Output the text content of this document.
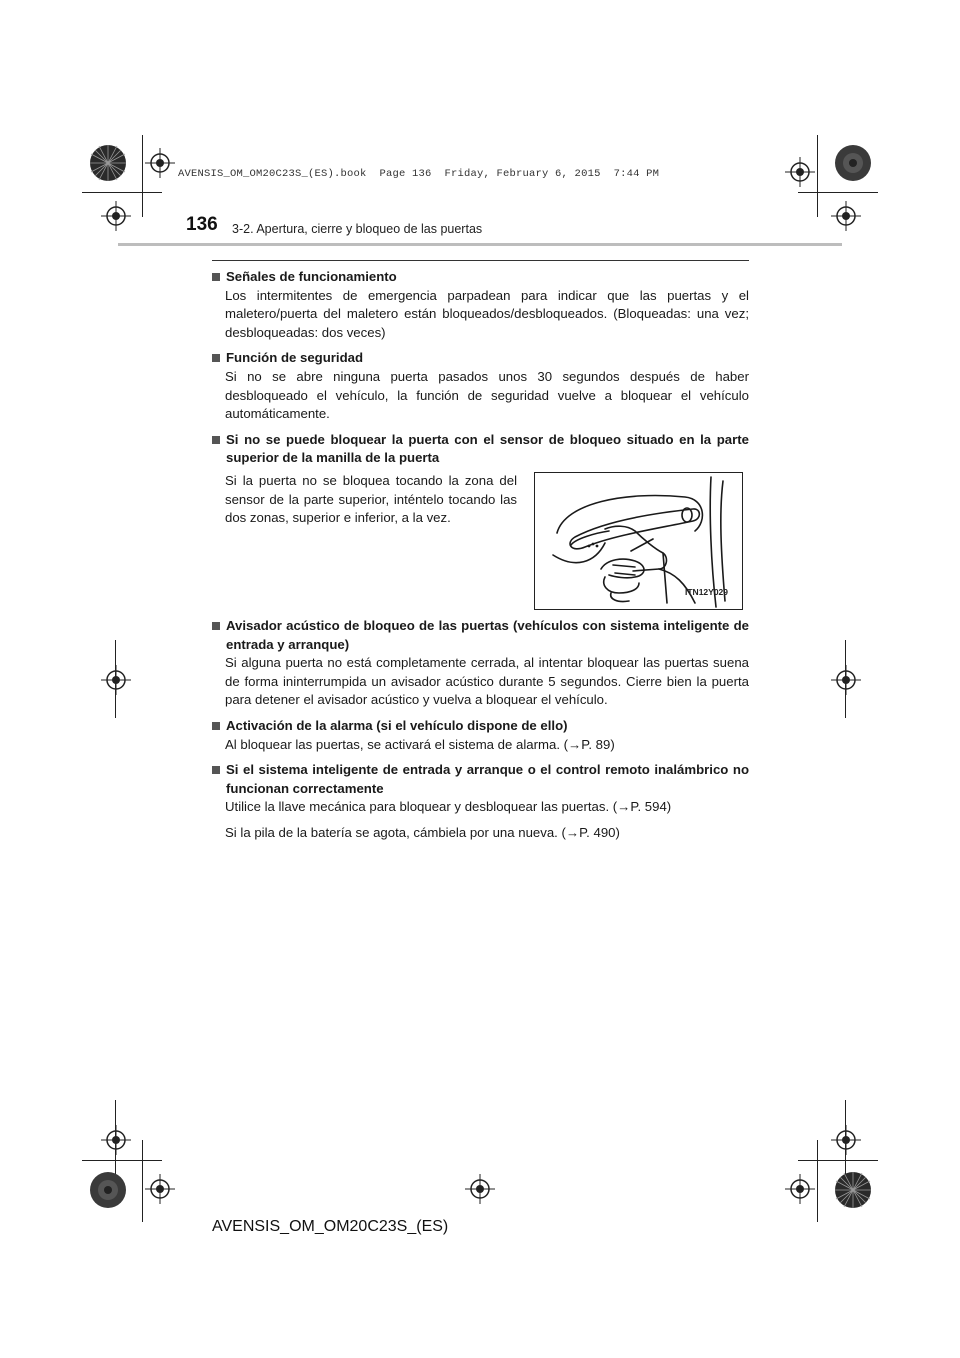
AVENSIS_OM_OM20C23S_(ES).book  Page 136  Friday, February 6, 2015  7:44 PM
136 3-2. Apertura, cierre y bloqueo de las puertas
Señales de funcionamiento
Los intermitentes de emergencia parpadean para indicar que las puertas y el maletero/puerta del maletero están bloqueados/desbloqueados. (Bloqueadas: una vez; desbloqueadas: dos veces)
Función de seguridad
Si no se abre ninguna puerta pasados unos 30 segundos después de haber desbloqueado el vehículo, la función de seguridad vuelve a bloquear el vehículo automáticamente.
Si no se puede bloquear la puerta con el sensor de bloqueo situado en la parte superior de la manilla de la puerta
Si la puerta no se bloquea tocando la zona del sensor de la parte superior, inténtelo tocando las dos zonas, superior e inferior, a la vez.
ITN12Y029
Avisador acústico de bloqueo de las puertas (vehículos con sistema inteligente de entrada y arranque)
Si alguna puerta no está completamente cerrada, al intentar bloquear las puertas suena de forma ininterrumpida un avisador acústico durante 5 segundos. Cierre bien la puerta para detener el avisador acústico y vuelva a bloquear el vehículo.
Activación de la alarma (si el vehículo dispone de ello)
Al bloquear las puertas, se activará el sistema de alarma. (→P. 89)
Si el sistema inteligente de entrada y arranque o el control remoto inalámbrico no funcionan correctamente
Utilice la llave mecánica para bloquear y desbloquear las puertas. (→P. 594)
Si la pila de la batería se agota, cámbiela por una nueva. (→P. 490)
AVENSIS_OM_OM20C23S_(ES)
